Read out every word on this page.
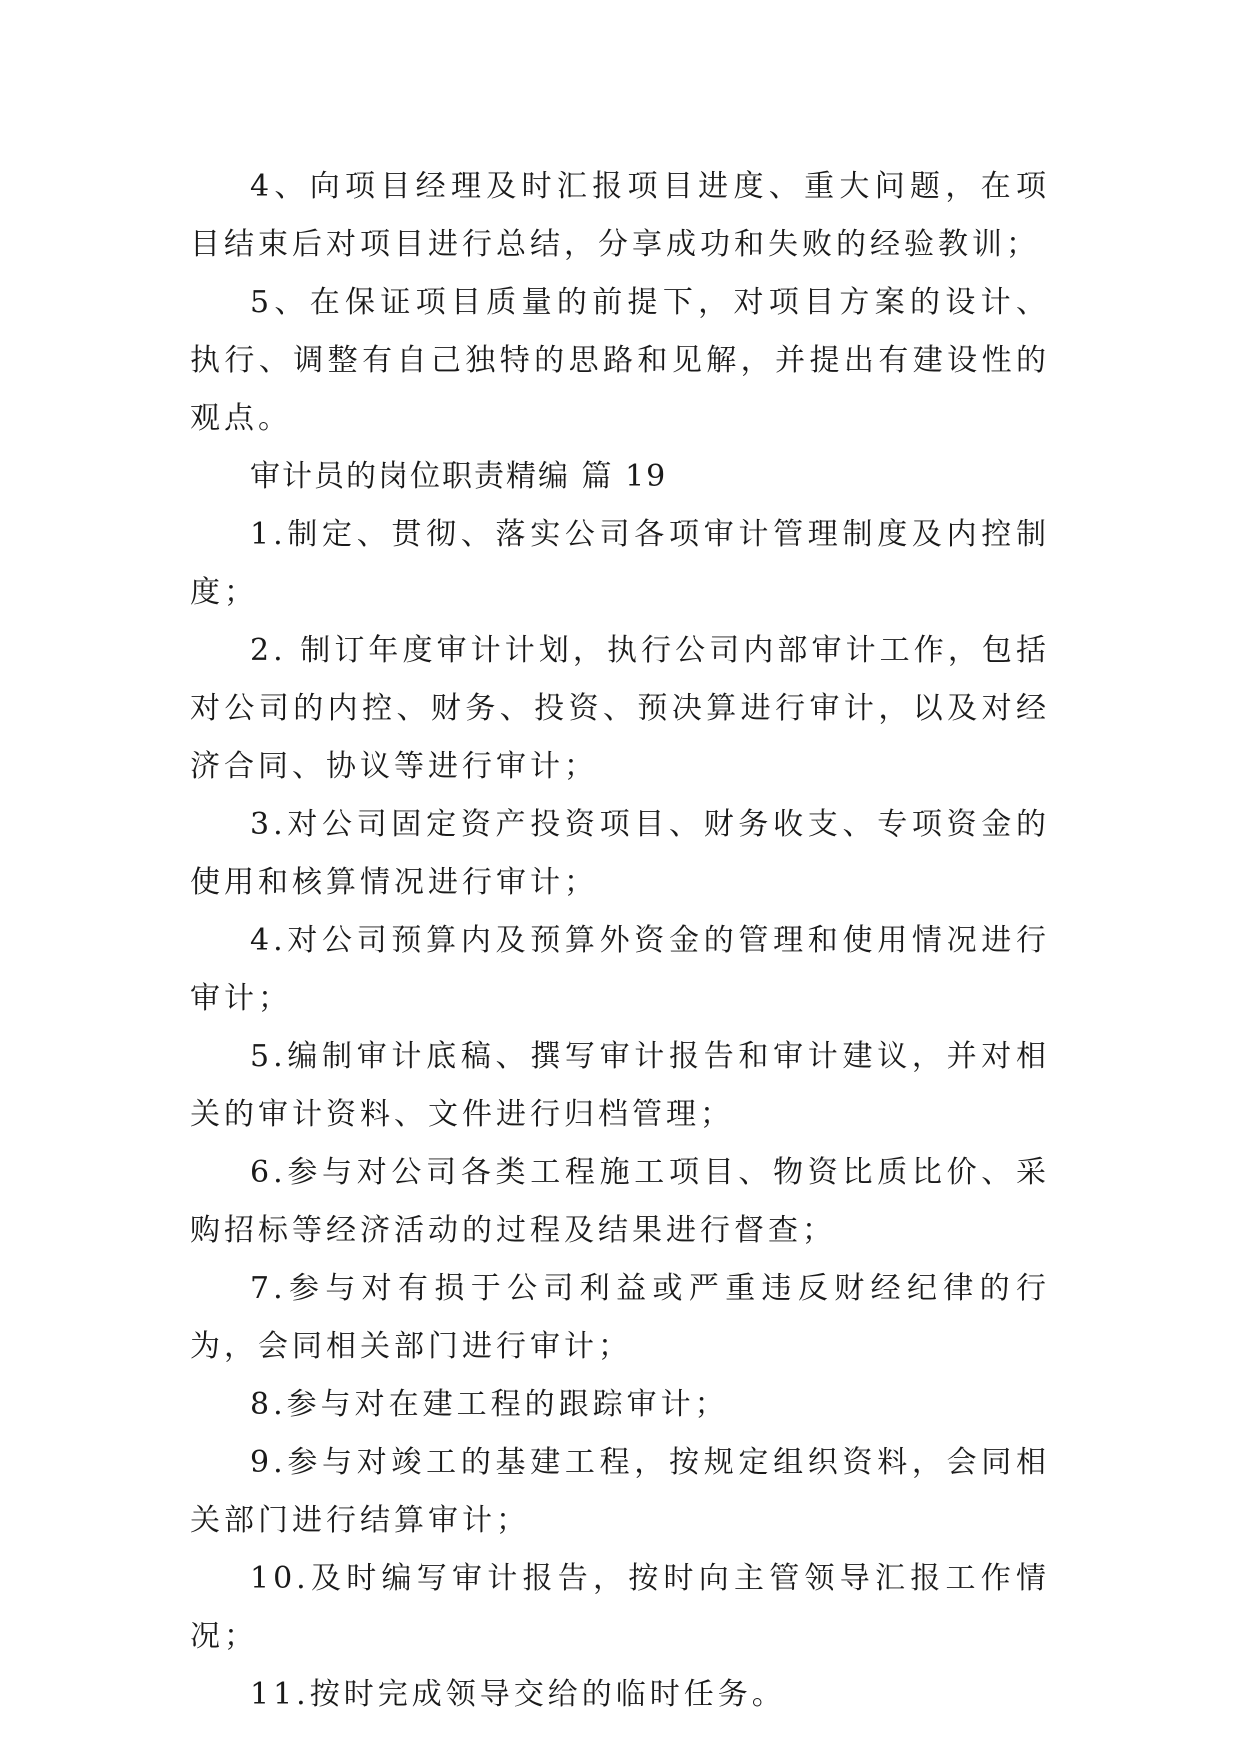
4、向项目经理及时汇报项目进度、重大问题，在项目结束后对项目进行总结，分享成功和失败的经验教训；

5、在保证项目质量的前提下，对项目方案的设计、执行、调整有自己独特的思路和见解，并提出有建设性的观点。

审计员的岗位职责精编 篇 19

1.制定、贯彻、落实公司各项审计管理制度及内控制度；

2. 制订年度审计计划，执行公司内部审计工作，包括对公司的内控、财务、投资、预决算进行审计，以及对经济合同、协议等进行审计；

3.对公司固定资产投资项目、财务收支、专项资金的使用和核算情况进行审计；

4.对公司预算内及预算外资金的管理和使用情况进行审计；

5.编制审计底稿、撰写审计报告和审计建议，并对相关的审计资料、文件进行归档管理；

6.参与对公司各类工程施工项目、物资比质比价、采购招标等经济活动的过程及结果进行督查；

7.参与对有损于公司利益或严重违反财经纪律的行为，会同相关部门进行审计；

8.参与对在建工程的跟踪审计；

9.参与对竣工的基建工程，按规定组织资料，会同相关部门进行结算审计；

10.及时编写审计报告，按时向主管领导汇报工作情况；

11.按时完成领导交给的临时任务。
